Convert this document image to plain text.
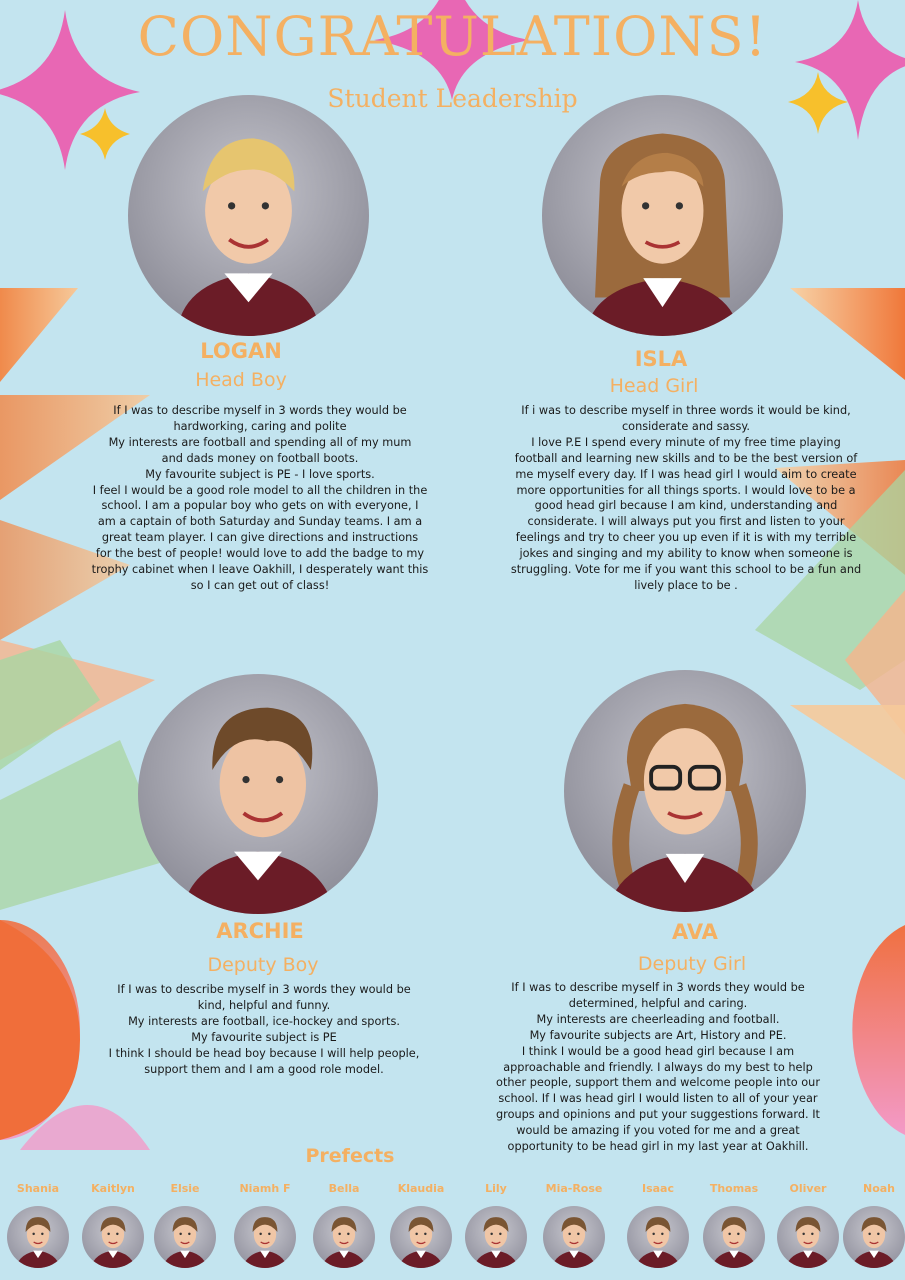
CONGRATULATIONS!
Student Leadership
LOGAN
Head Boy

If I was to describe myself in 3 words they would be

hardworking, caring and polite

My interests are football and spending all of my mum

and dads money on football boots.

My favourite subject is PE - I love sports.

I feel I would be a good role model to all the children in the

school. I am a popular boy who gets on with everyone, I

am a captain of both Saturday and Sunday teams. I am a

great team player. I can give directions and instructions

for the best of people! would love to add the badge to my

trophy cabinet when I leave Oakhill, I desperately want this

so I can get out of class!

ISLA
Head Girl

If i was to describe myself in three words it would be kind,

considerate and sassy.

I love P.E I spend every minute of my free time playing

football and learning new skills and to be the best version of

me myself every day. If I was head girl I would aim to create

more opportunities for all things sports. I would love to be a

good head girl because I am kind, understanding and

considerate. I will always put you first and listen to your

feelings and try to cheer you up even if it is with my terrible

jokes and singing and my ability to know when someone is

struggling. Vote for me if you want this school to be a fun and

lively place to be .

ARCHIE
Deputy Boy

If I was to describe myself in 3 words they would be

kind, helpful and funny.

My interests are football, ice-hockey and sports.

My favourite subject is PE

I think I should be head boy because I will help people,

support them and I am a good role model.

AVA
Deputy Girl

If I was to describe myself in 3 words they would be

determined, helpful and caring.

My interests are cheerleading and football.

My favourite subjects are Art, History and PE.

I think I would be a good head girl because I am

approachable and friendly. I always do my best to help

other people, support them and welcome people into our

school. If I was head girl I would listen to all of your year

groups and opinions and put your suggestions forward. It

would be amazing if you voted for me and a great

opportunity to be head girl in my last year at Oakhill.

Prefects
Shania	Kaitlyn	Elsie	Niamh F	Bella	Klaudia	Lily	Mia-Rose	Isaac	Thomas	Oliver	Noah
